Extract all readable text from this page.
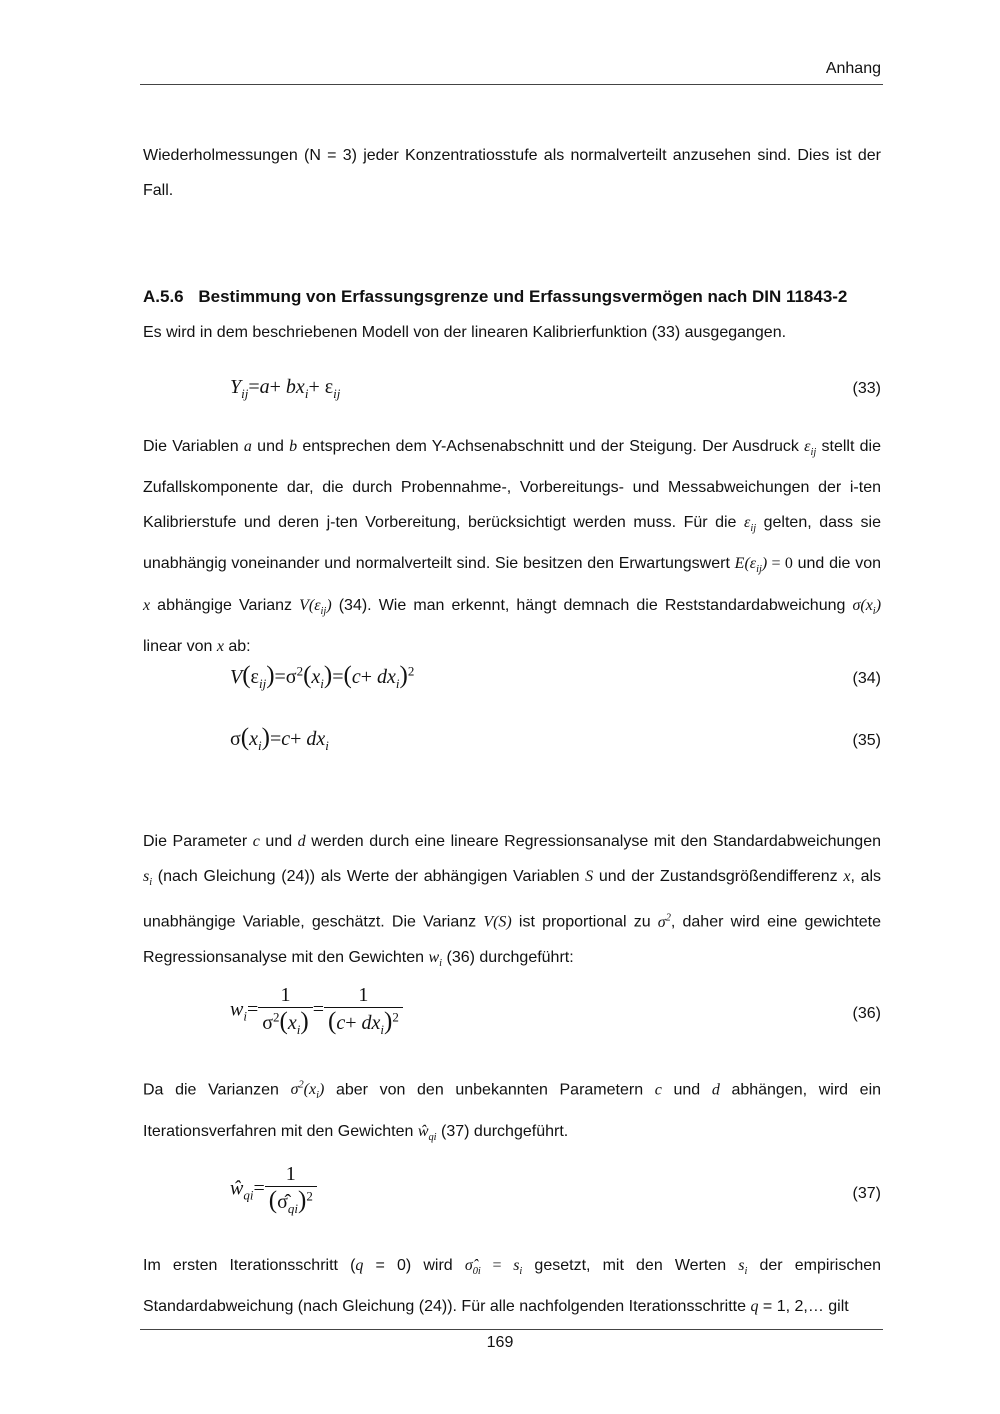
Anhang

Wiederholmessungen (N = 3) jeder Konzentratiosstufe als normalverteilt anzusehen sind. Dies ist der Fall.

A.5.6 Bestimmung von Erfassungsgrenze und Erfassungsvermögen nach DIN 11843-2

Es wird in dem beschriebenen Modell von der linearen Kalibrierfunktion (33) ausgegangen.

$Y_{ij}=a+ bx_i+ \varepsilon_{ij}$	(33)

Die Variablen a und b entsprechen dem Y-Achsenabschnitt und der Steigung. Der Ausdruck $\varepsilon_{ij}$ stellt die Zufallskomponente dar, die durch Probennahme-, Vorbereitungs- und Messabweichungen der i-ten Kalibrierstufe und deren j-ten Vorbereitung, berücksichtigt werden muss. Für die $\varepsilon_{ij}$ gelten, dass sie unabhängig voneinander und normalverteilt sind. Sie besitzen den Erwartungswert $E(\varepsilon_{ij}) = 0$ und die von x abhängige Varianz $V(\varepsilon_{ij})$ (34). Wie man erkennt, hängt demnach die Reststandardabweichung $\sigma(x_i)$ linear von x ab:

$V(\varepsilon_{ij})=\sigma^2(x_i)=(c+ dx_i)^2$	(34)
$\sigma(x_i)=c+ dx_i$	(35)

Die Parameter c und d werden durch eine lineare Regressionsanalyse mit den Standardabweichungen $s_i$ (nach Gleichung (24)) als Werte der abhängigen Variablen S und der Zustandsgrößendifferenz x, als unabhängige Variable, geschätzt. Die Varianz V(S) ist proportional zu $\sigma^2$, daher wird eine gewichtete Regressionsanalyse mit den Gewichten $w_i$ (36) durchgeführt:

$w_i= \frac{1}{\sigma^2(x_i)} = \frac{1}{(c+ dx_i)^2}$	(36)

Da die Varianzen $\sigma^2(x_i)$ aber von den unbekannten Parametern c und d abhängen, wird ein Iterationsverfahren mit den Gewichten $ŵ_{qi}$ (37) durchgeführt.

$ŵ_{qi}= \frac{1}{(\sigmâ_{qi})^2}$	(37)

Im ersten Iterationsschritt (q = 0) wird $\sigmâ_{0i} = s_i$ gesetzt, mit den Werten $s_i$ der empirischen Standardabweichung (nach Gleichung (24)). Für alle nachfolgenden Iterationsschritte q = 1, 2,… gilt

169
